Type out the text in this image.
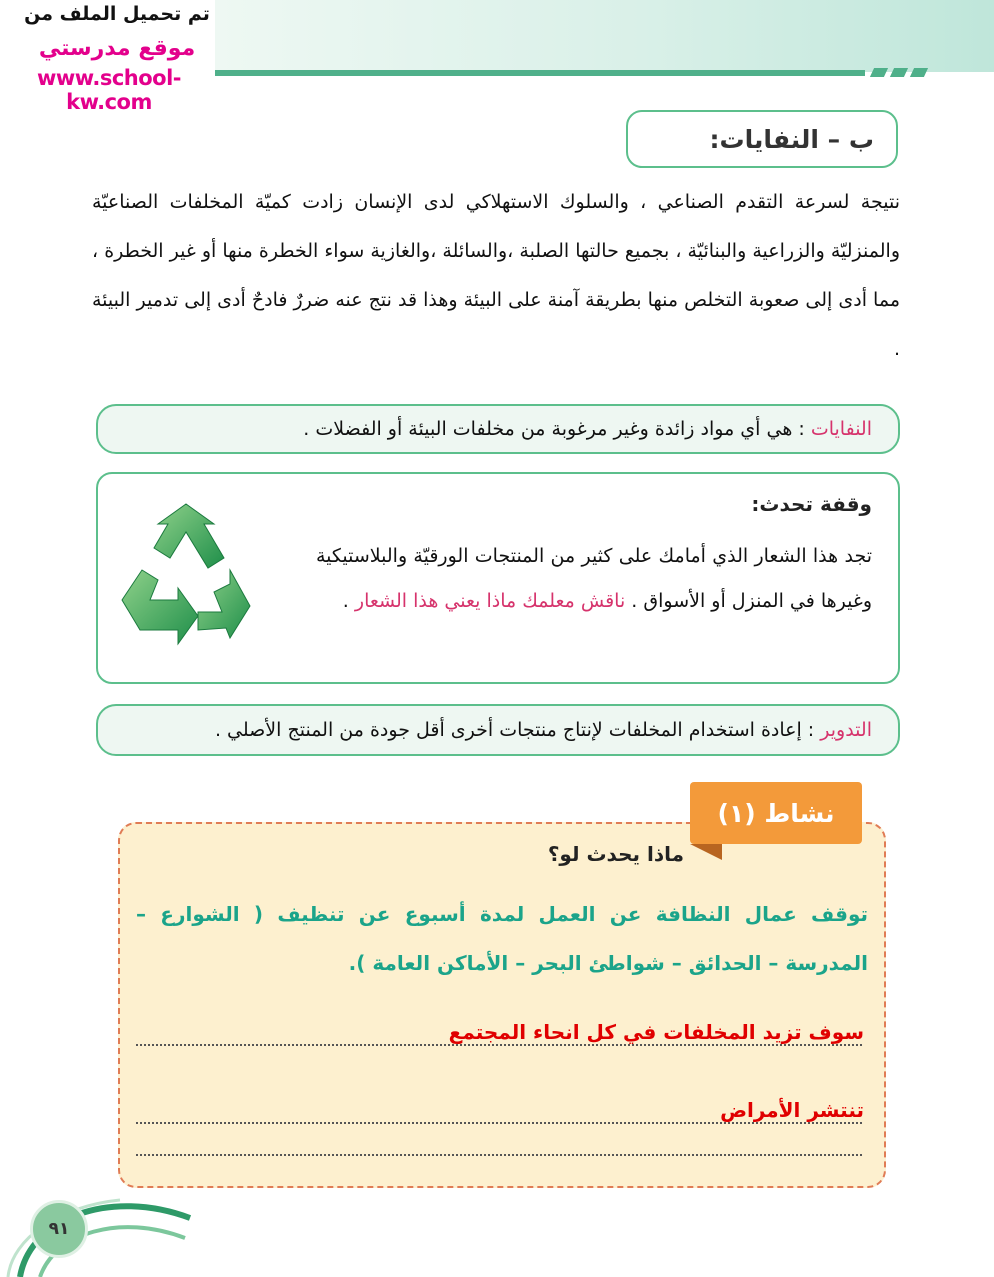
تم تحميل الملف من
موقع مدرستي
www.school-kw.com
ب – النفايات:
نتيجة لسرعة التقدم الصناعي ، والسلوك الاستهلاكي لدى الإنسان زادت كميّة المخلفات الصناعيّة والمنزليّة والزراعية والبنائيّة ، بجميع حالتها الصلبة ،والسائلة ،والغازية سواء الخطرة منها أو غير الخطرة ، مما أدى إلى صعوبة التخلص منها بطريقة آمنة على البيئة وهذا قد نتج عنه ضررٌ فادحٌ أدى إلى تدمير البيئة .
النفايات : هي أي مواد زائدة وغير مرغوبة من مخلفات البيئة أو الفضلات .
وقفة تحدث:
تجد هذا الشعار الذي أمامك على كثير من المنتجات الورقيّة والبلاستيكية وغيرها في المنزل أو الأسواق . ناقش معلمك ماذا يعني هذا الشعار .
التدوير : إعادة استخدام المخلفات لإنتاج منتجات أخرى أقل جودة من المنتج الأصلي .
نشاط (١)
ماذا يحدث لو؟
توقف عمال النظافة عن العمل لمدة أسبوع عن تنظيف ( الشوارع – المدرسة – الحدائق – شواطئ البحر – الأماكن العامة ).
سوف تزيد المخلفات في كل انحاء المجتمع
تنتشر الأمراض
٩١
